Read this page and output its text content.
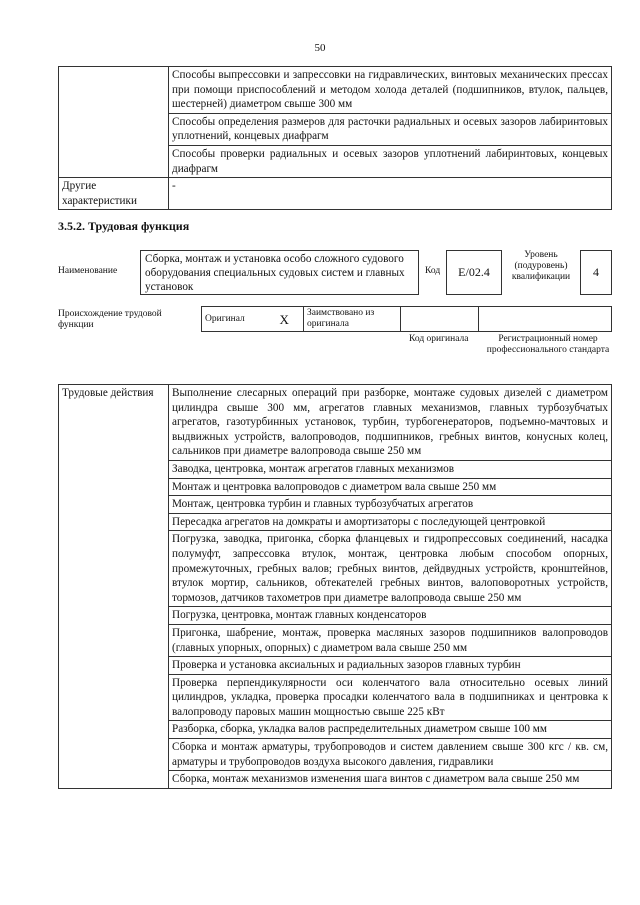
50
	Способы выпрессовки и запрессовки на гидравлических, винтовых механических прессах при помощи приспособлений и методом холода деталей (подшипников, втулок, пальцев, шестерней) диаметром свыше 300 мм
	Способы определения размеров для расточки радиальных и осевых зазоров лабиринтовых уплотнений, концевых диафрагм
	Способы проверки радиальных и осевых зазоров уплотнений лабиринтовых, концевых диафрагм
Другие характеристики	-
3.5.2. Трудовая функция
Наименование
Сборка, монтаж и установка особо сложного судового оборудования специальных судовых систем и главных установок
Код	E/02.4
Уровень (подуровень) квалификации	4
Происхождение трудовой функции
Оригинал	X	Заимствовано из оригинала		
Код оригинала	Регистрационный номер профессионального стандарта
Трудовые действия	Выполнение слесарных операций при разборке, монтаже судовых дизелей с диаметром цилиндра свыше 300 мм, агрегатов главных механизмов, главных турбозубчатых агрегатов, газотурбинных установок, турбин, турбогенераторов, подъемно-мачтовых и выдвижных устройств, валопроводов, подшипников, гребных винтов, конусных колец, сальников при диаметре валопровода свыше 250 мм
Заводка, центровка, монтаж агрегатов главных механизмов
Монтаж и центровка валопроводов с диаметром вала свыше 250 мм
Монтаж, центровка турбин и главных турбозубчатых агрегатов
Пересадка агрегатов на домкраты и амортизаторы с последующей центровкой
Погрузка, заводка, пригонка, сборка фланцевых и гидропрессовых соединений, насадка полумуфт, запрессовка втулок, монтаж, центровка любым способом опорных, промежуточных, гребных валов; гребных винтов, дейдвудных устройств, кронштейнов, втулок мортир, сальников, обтекателей гребных винтов, валоповоротных устройств, тормозов, датчиков тахометров при диаметре валопровода свыше 250 мм
Погрузка, центровка, монтаж главных конденсаторов
Пригонка, шабрение, монтаж, проверка масляных зазоров подшипников валопроводов (главных упорных, опорных) с диаметром вала свыше 250 мм
Проверка и установка аксиальных и радиальных зазоров главных турбин
Проверка перпендикулярности оси коленчатого вала относительно осевых линий цилиндров, укладка, проверка просадки коленчатого вала в подшипниках и центровка к валопроводу паровых машин мощностью свыше 225 кВт
Разборка, сборка, укладка валов распределительных диаметром свыше 100 мм
Сборка и монтаж арматуры, трубопроводов и систем давлением свыше 300 кгс / кв. см, арматуры и трубопроводов воздуха высокого давления, гидравлики
Сборка, монтаж механизмов изменения шага винтов с диаметром вала свыше 250 мм
